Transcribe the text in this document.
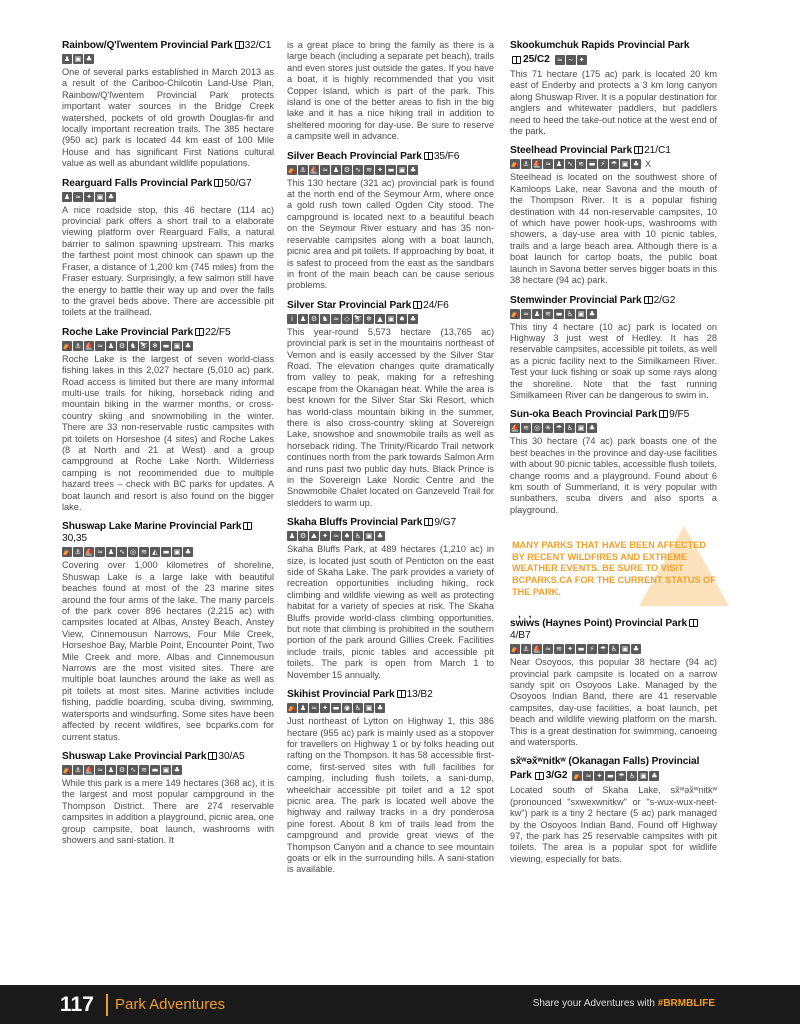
Rainbow/Q'ľwentem Provincial Park 32/C1
♟ ▣ ♣

One of several parks established in March 2013 as a result of the Cariboo-Chilcotin Land-Use Plan, Rainbow/Q'ľwentem Provincial Park protects important water sources in the Bridge Creek watershed, pockets of old growth Douglas-fir and locally important recreation trails. The 385 hectare (950 ac) park is located 44 km east of 100 Mile House and has significant First Nations cultural value as well as abundant wildlife populations.

Rearguard Falls Provincial Park 50/G7
♟ ≈ ✦ ▣ ♣

A nice roadside stop, this 46 hectare (114 ac) provincial park offers a short trail to a elaborate viewing platform over Rearguard Falls, a natural barrier to salmon spawning upstream. This marks the farthest point most chinook can spawn up the Fraser, a distance of 1,200 km (745 miles) from the Fraser estuary. Surprisingly, a few salmon still have the energy to battle their way up and over the falls to the gravel beds above. There are accessible pit toilets at the trailhead.

Roche Lake Provincial Park 22/F5
⛺ ⚓ ⛵ ≈ ♟ ⚙ ♞ ⛷ ❄ ▬ ▣ ♣

Roche Lake is the largest of seven world-class fishing lakes in this 2,027 hectare (5,010 ac) park. Road access is limited but there are many informal multi-use trails for hiking, horseback riding and mountain biking in the warmer months, or cross-country skiing and snowmobiling in the winter. There are 33 non-reservable rustic campsites with pit toilets on Horseshoe (4 sites) and Roche Lakes (8 at North and 21 at West) and a group campground at Roche Lake North. Wilderness camping is not recommended due to multiple hazard trees – check with BC parks for updates. A boat launch and resort is also found on the bigger lake.

Shuswap Lake Marine Provincial Park30,35
⛺ ⚓ ⛵ ≈ ♟ ∿ ◎ ≋ ◭ ▬ ▣ ♣

Covering over 1,000 kilometres of shoreline, Shuswap Lake is a large lake with beautiful beaches found at most of the 23 marine sites around the four arms of the lake. The many parcels of the park cover 896 hectares (2,215 ac) with campsites located at Albas, Anstey Beach, Anstey View, Cinnemousun Narrows, Four Mile Creek, Horseshoe Bay, Marble Point, Encounter Point, Two Mile Creek and more. Albas and Cinnemousun Narrows are the most visited sites. There are multiple boat launches around the lake as well as pit toilets at most sites. Marine activities include fishing, paddle boarding, scuba diving, swimming, watersports and windsurfing. Some sites have been affected by recent wildfires, see bcparks.com for current status.

Shuswap Lake Provincial Park 30/A5
⛺ ⚓ ⛵ ≈ ♟ ⚙ ∿ ≋ ▬ ▣ ♣

While this park is a mere 149 hectares (368 ac), it is the largest and most popular campground in the Thompson District. There are 274 reservable campsites in addition a playground, picnic area, one group campsite, boat launch, washrooms with showers and sani-station. It

is a great place to bring the family as there is a large beach (including a separate pet beach), trails and even stores just outside the gates. If you have a boat, it is highly recommended that you visit Copper Island, which is part of the park. This island is one of the better areas to fish in the big lake and it has a nice hiking trail in addition to sheltered mooring for day-use. Be sure to reserve a campsite well in advance.

Silver Beach Provincial Park 35/F6
⛺ ⚓ ⛵ ≈ ♟ ⚙ ∿ ≋ ✦ ▬ ▣ ♣

This 130 hectare (321 ac) provincial park is found at the north end of the Seymour Arm, where once a gold rush town called Ogden City stood. The campground is located next to a beautiful beach on the Seymour River estuary and has 35 non-reservable campsites along with a boat launch, picnic area and pit toilets. If approaching by boat, it is safest to proceed from the east as the sandbars in front of the main beach can be cause serious problems.

Silver Star Provincial Park 24/F6
i ♟ ⚙ ♞ ≈ ◇ ⛷ ❄ ▲ ▣ ♠ ♣

This year-round 5,573 hectare (13,765 ac) provincial park is set in the mountains northeast of Vernon and is easily accessed by the Silver Star Road. The elevation changes quite dramatically from valley to peak, making for a refreshing escape from the Okanagan heat. While the area is best known for the Silver Star Ski Resort, which has world-class mountain biking in the summer, there is also cross-country skiing at Sovereign Lake, snowshoe and snowmobile trails as well as horseback riding. The Trinity/Ricardo Trail network continues north from the park towards Salmon Arm and runs past two public day huts. Black Prince is in the Sovereign Lake Nordic Centre and the Snowmobile Chalet located on Ganzeveld Trail for sledders to warm up.

Skaha Bluffs Provincial Park 9/G7
♟ ⚙ ⛰ ✦ ≈ ♠ ♿ ▣ ♣

Skaha Bluffs Park, at 489 hectares (1,210 ac) in size, is located just south of Penticton on the east side of Skaha Lake. The park provides a variety of recreation opportunities including hiking, rock climbing and wildlife viewing as well as protecting habitat for a variety of species at risk. The Skaha Bluffs provide world-class climbing opportunities, but note that climbing is prohibited in the southern portion of the park around Gillies Creek. Facilities include trails, picnic tables and accessible pit toilets. The park is open from March 1 to November 15 annually.

Skihist Provincial Park 13/B2
⛺ ♟ ≈ ✦ ▬ ◉ ♿ ▣ ♣

Just northeast of Lytton on Highway 1, this 386 hectare (955 ac) park is mainly used as a stopover for travellers on Highway 1 or by folks heading out rafting on the Thompson. It has 58 accessible first-come, first-served sites with full facilities for camping, including flush toilets, a sani-dump, wheelchair accessible pit toilet and a 12 spot picnic area. The park is located well above the highway and railway tracks in a dry ponderosa pine forest. About 8 km of trails lead from the campground and provide great views of the Thompson Canyon and a chance to see mountain goats or elk in the surrounding hills. A sani-station is available.

Skookumchuk Rapids Provincial Park
25/C2 ≈ ∼ ✦

This 71 hectare (175 ac) park is located 20 km east of Enderby and protects a 3 km long canyon along Shuswap River. It is a popular destination for anglers and whitewater paddlers, but paddlers need to heed the take-out notice at the west end of the park.

Steelhead Provincial Park 21/C1
⛺ ⚓ ⛵ ≈ ♟ ∿ ≋ ▬ ⚡ ☂ ▣ ♣ X

Steelhead is located on the southwest shore of Kamloops Lake, near Savona and the mouth of the Thompson River. It is a popular fishing destination with 44 non-reservable campsites, 10 of which have power hook-ups, washrooms with showers, a day-use area with 10 picnic tables, trails and a large beach area. Although there is a boat launch for cartop boats, the public boat launch in Savona better serves bigger boats in this 38 hectare (94 ac) park.

Stemwinder Provincial Park 2/G2
⛺ ≈ ♟ ≋ ▬ ♿ ▣ ♣

This tiny 4 hectare (10 ac) park is located on Highway 3 just west of Hedley. It has 28 reservable campsites, accessible pit toilets, as well as a picnic facility next to the Similkameen River. Test your luck fishing or soak up some rays along the shoreline. Note that the fast running Similkameen River can be dangerous to swim in.

Sun-oka Beach Provincial Park 9/F5
⛵ ≋ ◎ ☀ ☂ ♿ ▣ ♣

This 30 hectare (74 ac) park boasts one of the best beaches in the province and day-use facilities with about 90 picnic tables, accessible flush toilets, change rooms and a playground. Found about 6 km south of Summerland, it is very popular with sunbathers, scuba divers and also sports a playground.

MANY PARKS THAT HAVE BEEN AFFECTED BY RECENT WILDFIRES AND EXTREME WEATHER EVENTS. BE SURE TO VISIT BCPARKS.CA FOR THE CURRENT STATUS OF THE PARK.
sw̓iw̓s (Haynes Point) Provincial Park4/B7
⛺ ⚓ ⛵ ≈ ≋ ✦ ▬ ⚡ ☂ ♿ ▣ ♣

Near Osoyoos, this popular 38 hectare (94 ac) provincial park campsite is located on a narrow sandy spit on Osoyoos Lake. Managed by the Osoyoos Indian Band, there are 41 reservable campsites, day-use facilities, a boat launch, pet beach and wildlife viewing platform on the marsh. This is a great destination for swimming, canoeing and watersports.

sx̌ʷəx̌ʷnitkʷ (Okanagan Falls) Provincial
Park 3/G2 ⛺ ≈ ✦ ▬ ☂ ♿ ▣ ♣

Located south of Skaha Lake, sx̌ʷəx̌ʷnitkʷ (pronounced "sxwexwnitkw" or "s-wux-wux-neet-kw") park is a tiny 2 hectare (5 ac) park managed by the Osoyoos Indian Band. Found off Highway 97, the park has 25 reservable campsites with pit toilets. The area is a popular spot for wildlife viewing, especially for bats.

117 Park Adventures	Share your Adventures with #BRMBLIFE
